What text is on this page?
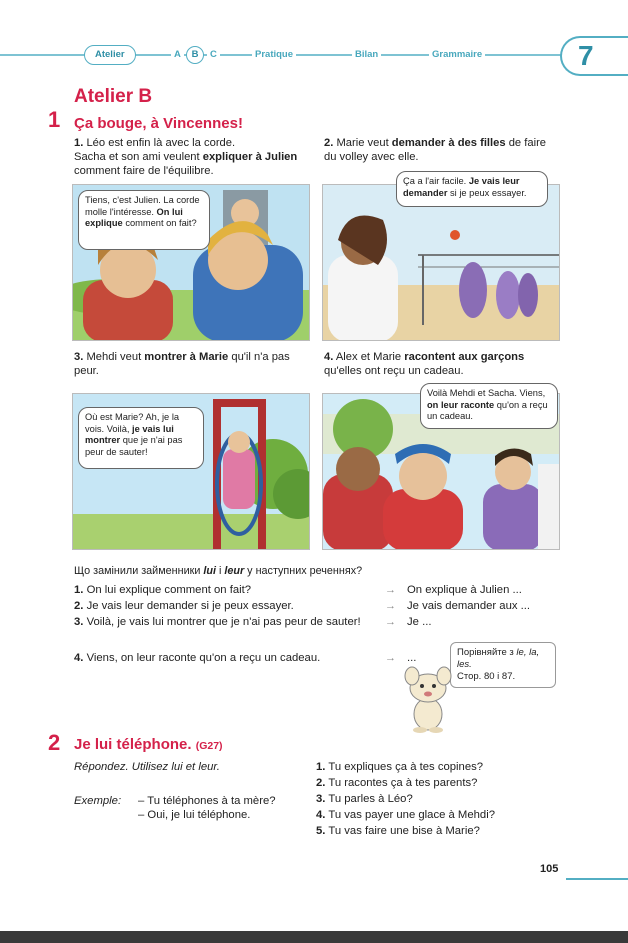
Atelier	A	B	C	Pratique	Bilan	Grammaire	7
Atelier B
1 Ça bouge, à Vincennes!
1. Léo est enfin là avec la corde.
Sacha et son ami veulent expliquer à Julien comment faire de l'équilibre.
2. Marie veut demander à des filles de faire du volley avec elle.
Tiens, c'est Julien. La corde molle l'intéresse. On lui explique comment on fait?
Ça a l'air facile. Je vais leur demander si je peux essayer.
3. Mehdi veut montrer à Marie qu'il n'a pas peur.
4. Alex et Marie racontent aux garçons qu'elles ont reçu un cadeau.
Où est Marie? Ah, je la vois. Voilà, je vais lui montrer que je n'ai pas peur de sauter!
Voilà Mehdi et Sacha. Viens, on leur raconte qu'on a reçu un cadeau.
Що замінили займенники lui і leur у наступних реченнях?
1. On lui explique comment on fait?	→ On explique à Julien ...
2. Je vais leur demander si je peux essayer.	→ Je vais demander aux ...
3. Voilà, je vais lui montrer que je n'ai pas peur de sauter!	→ Je ...
4. Viens, on leur raconte qu'on a reçu un cadeau.	→ ...	Порівняйте з le, la, les.
Стор. 80 і 87.
2 Je lui téléphone. (G27)
Répondez. Utilisez lui et leur.
Exemple: – Tu téléphones à ta mère?
– Oui, je lui téléphone.
1. Tu expliques ça à tes copines?
2. Tu racontes ça à tes parents?
3. Tu parles à Léo?
4. Tu vas payer une glace à Mehdi?
5. Tu vas faire une bise à Marie?
105
